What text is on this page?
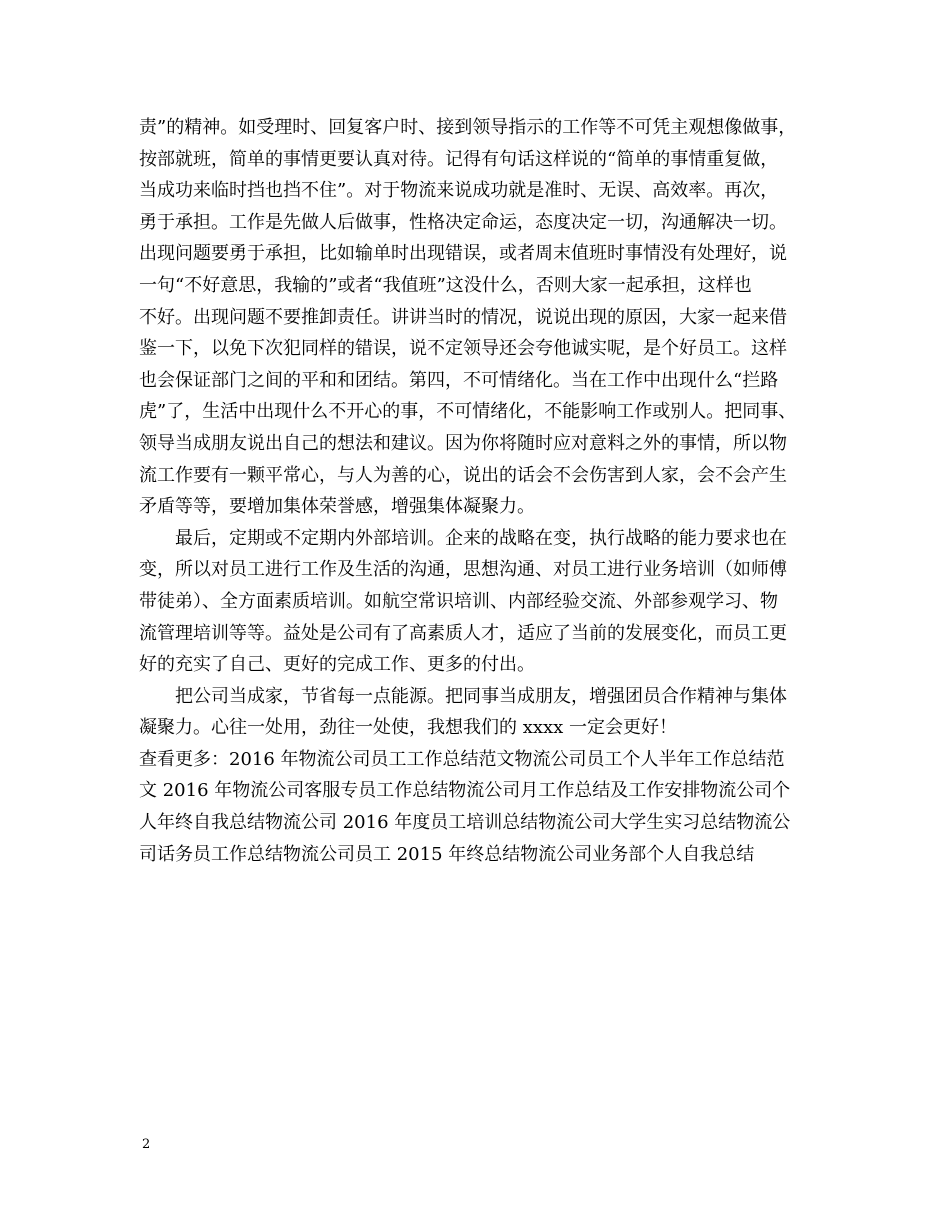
责”的精神。如受理时、回复客户时、接到领导指示的工作等不可凭主观想像做事，
按部就班，简单的事情更要认真对待。记得有句话这样说的“简单的事情重复做，
当成功来临时挡也挡不住”。对于物流来说成功就是准时、无误、高效率。再次，
勇于承担。工作是先做人后做事，性格决定命运，态度决定一切，沟通解决一切。
出现问题要勇于承担，比如输单时出现错误，或者周末值班时事情没有处理好，说
一句“不好意思，我输的”或者“我值班”这没什么，否则大家一起承担，这样也
不好。出现问题不要推卸责任。讲讲当时的情况，说说出现的原因，大家一起来借
鉴一下，以免下次犯同样的错误，说不定领导还会夸他诚实呢，是个好员工。这样
也会保证部门之间的平和和团结。第四，不可情绪化。当在工作中出现什么“拦路
虎”了，生活中出现什么不开心的事，不可情绪化，不能影响工作或别人。把同事、
领导当成朋友说出自己的想法和建议。因为你将随时应对意料之外的事情，所以物
流工作要有一颗平常心，与人为善的心，说出的话会不会伤害到人家，会不会产生
矛盾等等，要增加集体荣誉感，增强集体凝聚力。
最后，定期或不定期内外部培训。企来的战略在变，执行战略的能力要求也在
变，所以对员工进行工作及生活的沟通，思想沟通、对员工进行业务培训（如师傅
带徒弟）、全方面素质培训。如航空常识培训、内部经验交流、外部参观学习、物
流管理培训等等。益处是公司有了高素质人才，适应了当前的发展变化，而员工更
好的充实了自己、更好的完成工作、更多的付出。
把公司当成家，节省每一点能源。把同事当成朋友，增强团员合作精神与集体
凝聚力。心往一处用，劲往一处使，我想我们的 xxxx 一定会更好！
查看更多：2016 年物流公司员工工作总结范文物流公司员工个人半年工作总结范
文 2016 年物流公司客服专员工作总结物流公司月工作总结及工作安排物流公司个
人年终自我总结物流公司 2016 年度员工培训总结物流公司大学生实习总结物流公
司话务员工作总结物流公司员工 2015 年终总结物流公司业务部个人自我总结
2
